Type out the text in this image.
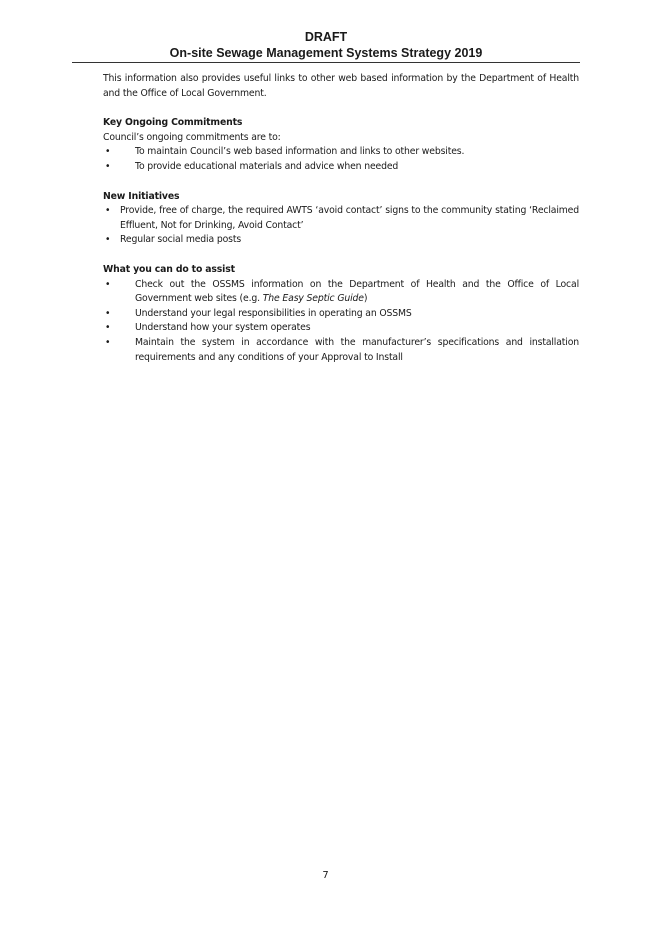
DRAFT
On-site Sewage Management Systems Strategy 2019

This information also provides useful links to other web based information by the Department of Health and the Office of Local Government.

Key Ongoing Commitments

Council’s ongoing commitments are to:

•	To maintain Council’s web based information and links to other websites.
•	To provide educational materials and advice when needed

New Initiatives

• Provide, free of charge, the required AWTS ‘avoid contact’ signs to the community stating ‘Reclaimed Effluent, Not for Drinking, Avoid Contact’
• Regular social media posts

What you can do to assist

•	Check out the OSSMS information on the Department of Health and the Office of Local Government web sites (e.g. The Easy Septic Guide)
•	Understand your legal responsibilities in operating an OSSMS
•	Understand how your system operates
•	Maintain the system in accordance with the manufacturer’s specifications and installation requirements and any conditions of your Approval to Install
7
